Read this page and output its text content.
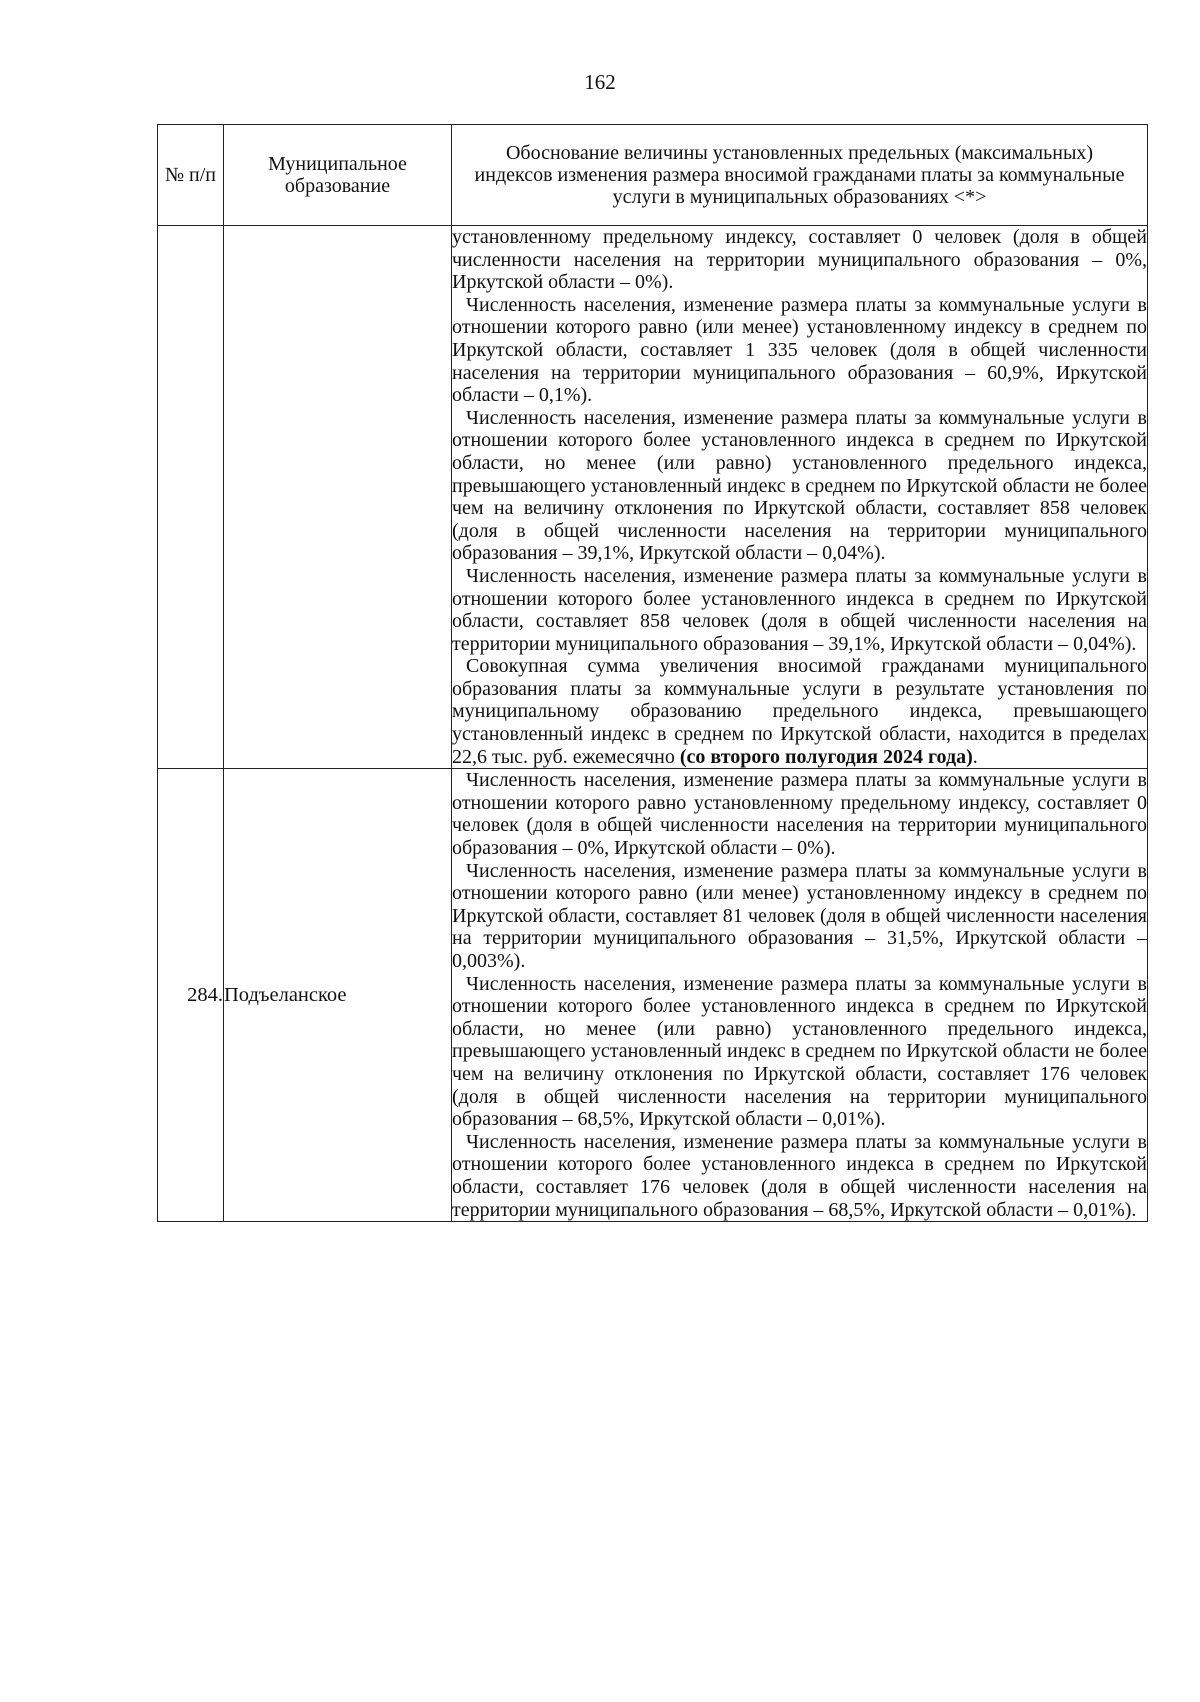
162
№ п/п	Муниципальное образование	Обоснование величины установленных предельных (максимальных) индексов изменения размера вносимой гражданами платы за коммунальные услуги в муниципальных образованиях <*>

		установленному предельному индексу, составляет 0 человек (доля в общей численности населения на территории муниципального образования – 0%, Иркутской области – 0%).

Численность населения, изменение размера платы за коммунальные услуги в отношении которого равно (или менее) установленному индексу в среднем по Иркутской области, составляет 1 335 человек (доля в общей численности населения на территории муниципального образования – 60,9%, Иркутской области – 0,1%).

Численность населения, изменение размера платы за коммунальные услуги в отношении которого более установленного индекса в среднем по Иркутской области, но менее (или равно) установленного предельного индекса, превышающего установленный индекс в среднем по Иркутской области не более чем на величину отклонения по Иркутской области, составляет 858 человек (доля в общей численности населения на территории муниципального образования – 39,1%, Иркутской области – 0,04%).

Численность населения, изменение размера платы за коммунальные услуги в отношении которого более установленного индекса в среднем по Иркутской области, составляет 858 человек (доля в общей численности населения на территории муниципального образования – 39,1%, Иркутской области – 0,04%).

Совокупная сумма увеличения вносимой гражданами муниципального образования платы за коммунальные услуги в результате установления по муниципальному образованию предельного индекса, превышающего установленный индекс в среднем по Иркутской области, находится в пределах 22,6 тыс. руб. ежемесячно (со второго полугодия 2024 года).

284.	Подъеланское	Численность населения, изменение размера платы за коммунальные услуги в отношении которого равно установленному предельному индексу, составляет 0 человек (доля в общей численности населения на территории муниципального образования – 0%, Иркутской области – 0%).

Численность населения, изменение размера платы за коммунальные услуги в отношении которого равно (или менее) установленному индексу в среднем по Иркутской области, составляет 81 человек (доля в общей численности населения на территории муниципального образования – 31,5%, Иркутской области – 0,003%).

Численность населения, изменение размера платы за коммунальные услуги в отношении которого более установленного индекса в среднем по Иркутской области, но менее (или равно) установленного предельного индекса, превышающего установленный индекс в среднем по Иркутской области не более чем на величину отклонения по Иркутской области, составляет 176 человек (доля в общей численности населения на территории муниципального образования – 68,5%, Иркутской области – 0,01%).

Численность населения, изменение размера платы за коммунальные услуги в отношении которого более установленного индекса в среднем по Иркутской области, составляет 176 человек (доля в общей численности населения на территории муниципального образования – 68,5%, Иркутской области – 0,01%).
